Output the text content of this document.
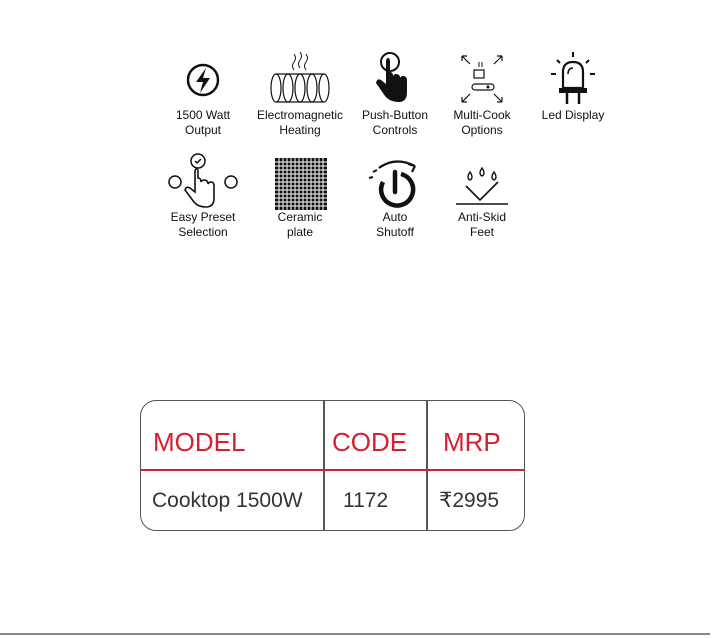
1500 Watt
Output
Electromagnetic
Heating
Push-Button
Controls
Multi-Cook
Options
Led Display
Easy Preset
Selection
Ceramic
plate
Auto
Shutoff
Anti-Skid
Feet
MODEL	CODE MRP
Cooktop 1500W 1172 ₹2995
